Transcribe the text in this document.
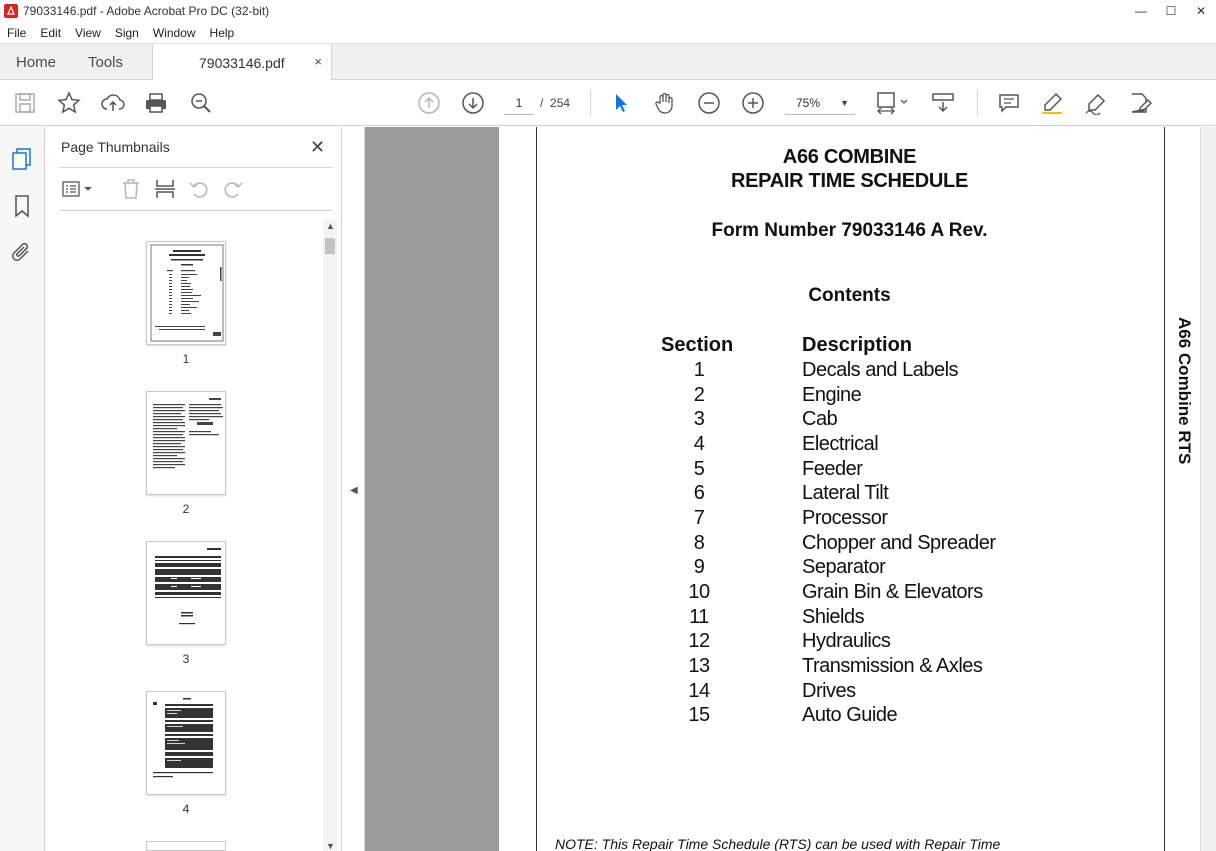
79033146.pdf - Adobe Acrobat Pro DC (32-bit)	—	☐	✕
File	Edit	View	Sign	Window	Help
Home	Tools	79033146.pdf ×
1	/ 254	75% ▼
Page Thumbnails	✕
1
2
3
4
▲
▼
◀
A66 COMBINE
REPAIR TIME SCHEDULE
Form Number 79033146 A Rev.
Contents
Section	Description
1	Decals and Labels
2	Engine
3	Cab
4	Electrical
5	Feeder
6	Lateral Tilt
7	Processor
8	Chopper and Spreader
9	Separator
10	Grain Bin & Elevators
11	Shields
12	Hydraulics
13	Transmission & Axles
14	Drives
15	Auto Guide
A66 Combine RTS
NOTE: This Repair Time Schedule (RTS) can be used with Repair Time
